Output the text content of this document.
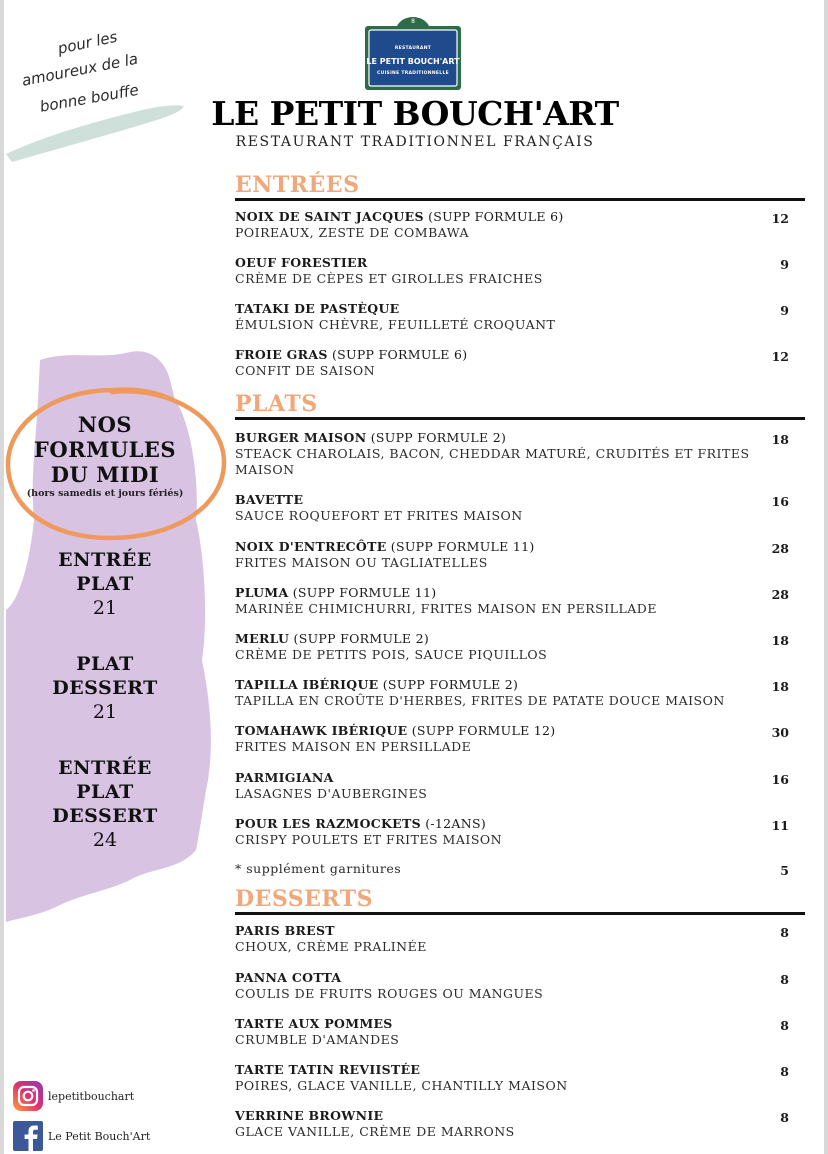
pour les
amoureux de la
bonne bouffe
8
RESTAURANT
LE PETIT BOUCH'ART
CUISINE TRADITIONNELLE
LE PETIT BOUCH'ART
RESTAURANT TRADITIONNEL FRANÇAIS
NOS
FORMULES
DU MIDI
(hors samedis et jours fériés)
ENTRÉE
PLAT
21
PLAT
DESSERT
21
ENTRÉE
PLAT
DESSERT
24
lepetitbouchart
Le Petit Bouch'Art
ENTRÉES
NOIX DE SAINT JACQUES (SUPP FORMULE 6)
POIREAUX, ZESTE DE COMBAWA
12
OEUF FORESTIER
CRÈME DE CÈPES ET GIROLLES FRAICHES
9
TATAKI DE PASTÈQUE
ÉMULSION CHÈVRE, FEUILLETÉ CROQUANT
9
FROIE GRAS (SUPP FORMULE 6)
CONFIT DE SAISON
12
PLATS
BURGER MAISON (SUPP FORMULE 2)
STEACK CHAROLAIS, BACON, CHEDDAR MATURÉ, CRUDITÉS ET FRITES MAISON
18
BAVETTE
SAUCE ROQUEFORT ET FRITES MAISON
16
NOIX D'ENTRECÔTE (SUPP FORMULE 11)
FRITES MAISON OU TAGLIATELLES
28
PLUMA (SUPP FORMULE 11)
MARINÉE CHIMICHURRI, FRITES MAISON EN PERSILLADE
28
MERLU (SUPP FORMULE 2)
CRÈME DE PETITS POIS, SAUCE PIQUILLOS
18
TAPILLA IBÉRIQUE (SUPP FORMULE 2)
TAPILLA EN CROÛTE D'HERBES, FRITES DE PATATE DOUCE MAISON
18
TOMAHAWK IBÉRIQUE (SUPP FORMULE 12)
FRITES MAISON EN PERSILLADE
30
PARMIGIANA
LASAGNES D'AUBERGINES
16
POUR LES RAZMOCKETS (-12ANS)
CRISPY POULETS ET FRITES MAISON
11
* supplément garnitures	5
DESSERTS
PARIS BREST
CHOUX, CRÈME PRALINÉE
8
PANNA COTTA
COULIS DE FRUITS ROUGES OU MANGUES
8
TARTE AUX POMMES
CRUMBLE D'AMANDES
8
TARTE TATIN REVIISTÉE
POIRES, GLACE VANILLE, CHANTILLY MAISON
8
VERRINE BROWNIE
GLACE VANILLE, CRÈME DE MARRONS
8
